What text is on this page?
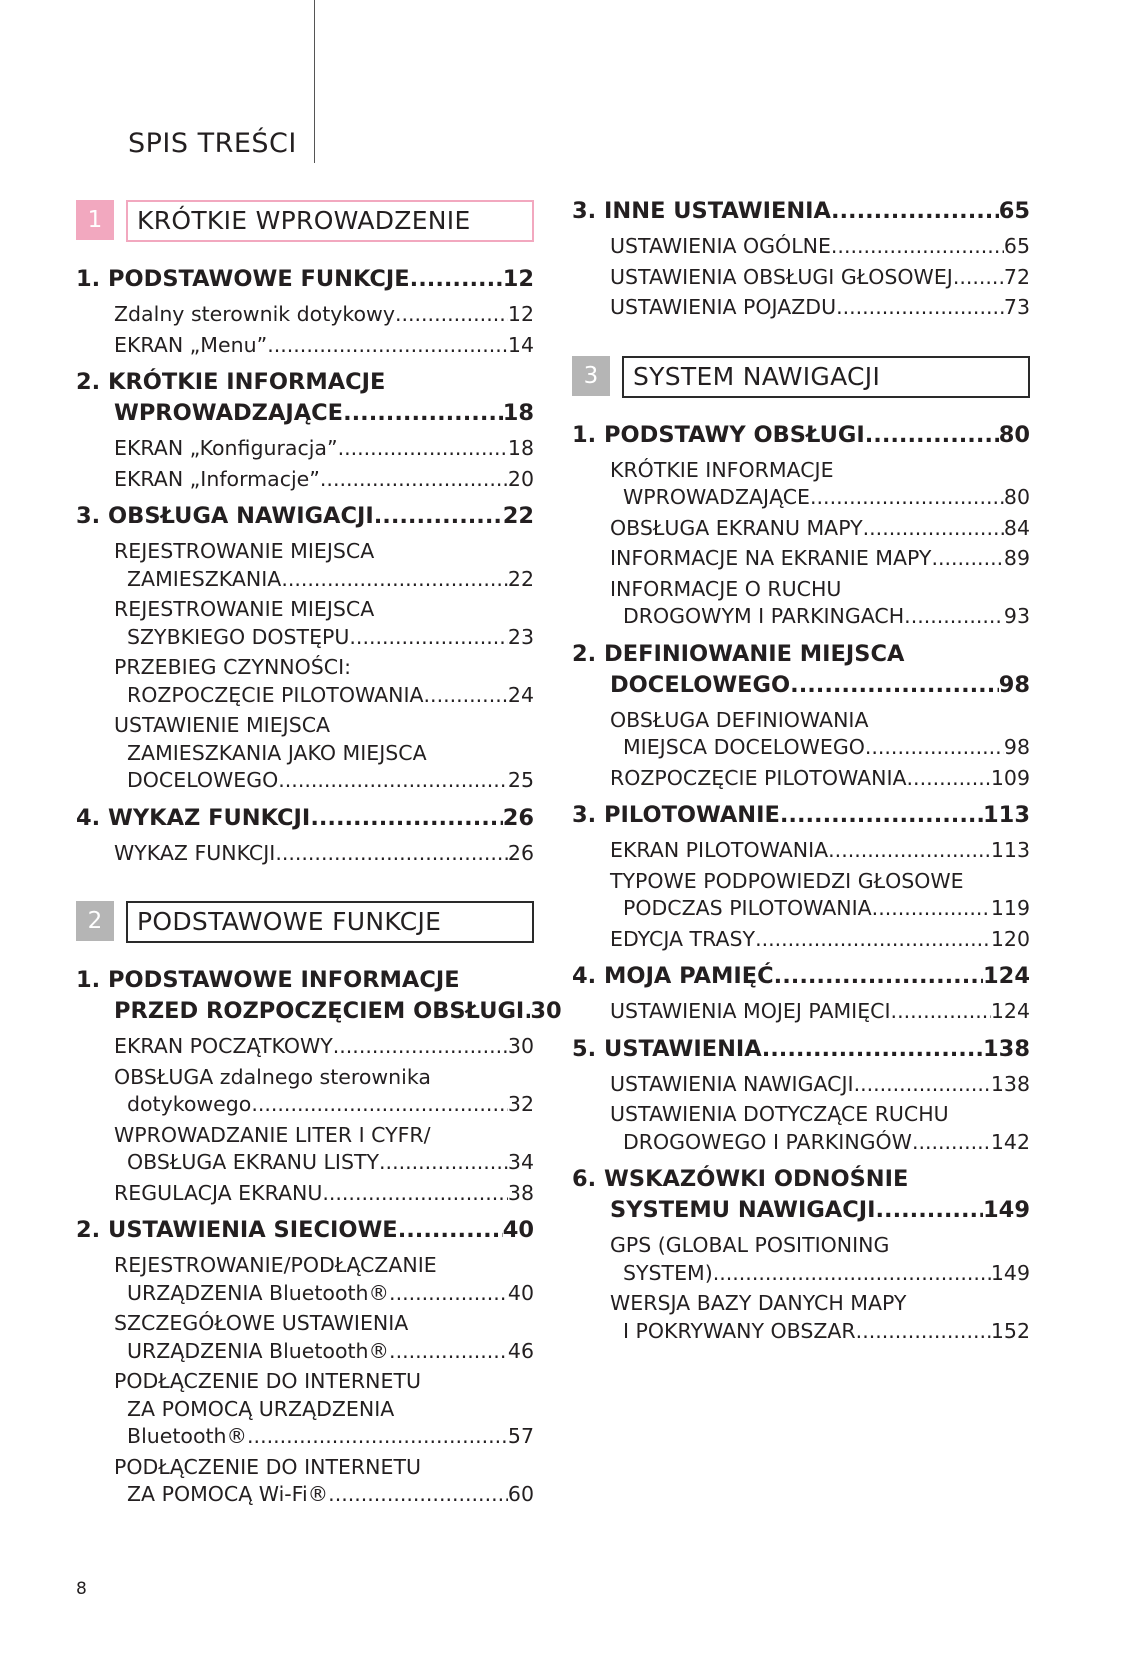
SPIS TREŚCI
1	KRÓTKIE WPROWADZENIE
1.
PODSTAWOWE FUNKCJE .....	12
Zdalny sterownik dotykowy .....	12
EKRAN „Menu” .....	14
2.
KRÓTKIE INFORMACJE
WPROWADZAJĄCE .....	18
EKRAN „Konfiguracja” .....	18
EKRAN „Informacje” .....	20
3.
OBSŁUGA NAWIGACJI .....	22
REJESTROWANIE MIEJSCA
ZAMIESZKANIA .....	22
REJESTROWANIE MIEJSCA
SZYBKIEGO DOSTĘPU .....	23
PRZEBIEG CZYNNOŚCI:
ROZPOCZĘCIE PILOTOWANIA .....	24
USTAWIENIE MIEJSCA
ZAMIESZKANIA JAKO MIEJSCA
DOCELOWEGO .....	25
4.
WYKAZ FUNKCJI .....	26
WYKAZ FUNKCJI .....	26
2	PODSTAWOWE FUNKCJE
1.
PODSTAWOWE INFORMACJE
PRZED ROZPOCZĘCIEM OBSŁUGI ..... 30
EKRAN POCZĄTKOWY .....	30
OBSŁUGA zdalnego sterownika
dotykowego .....	32
WPROWADZANIE LITER I CYFR/
OBSŁUGA EKRANU LISTY .....	34
REGULACJA EKRANU .....	38
2.
USTAWIENIA SIECIOWE .....	40
REJESTROWANIE/PODŁĄCZANIE
URZĄDZENIA Bluetooth® .....	40
SZCZEGÓŁOWE USTAWIENIA
URZĄDZENIA Bluetooth® .....	46
PODŁĄCZENIE DO INTERNETU
ZA POMOCĄ URZĄDZENIA
Bluetooth® .....	57
PODŁĄCZENIE DO INTERNETU
ZA POMOCĄ Wi-Fi® .....	60
3.
INNE USTAWIENIA .....	65
USTAWIENIA OGÓLNE .....	65
USTAWIENIA OBSŁUGI GŁOSOWEJ ..... 72
USTAWIENIA POJAZDU .....	73
3	SYSTEM NAWIGACJI
1.
PODSTAWY OBSŁUGI .....	80
KRÓTKIE INFORMACJE
WPROWADZAJĄCE .....	80
OBSŁUGA EKRANU MAPY .....	84
INFORMACJE NA EKRANIE MAPY .....	89
INFORMACJE O RUCHU
DROGOWYM I PARKINGACH .....	93
2.
DEFINIOWANIE MIEJSCA
DOCELOWEGO .....	98
OBSŁUGA DEFINIOWANIA
MIEJSCA DOCELOWEGO .....	98
ROZPOCZĘCIE PILOTOWANIA .....	109
3.
PILOTOWANIE .....	113
EKRAN PILOTOWANIA .....	113
TYPOWE PODPOWIEDZI GŁOSOWE
PODCZAS PILOTOWANIA .....	119
EDYCJA TRASY .....	120
4.
MOJA PAMIĘĆ .....	124
USTAWIENIA MOJEJ PAMIĘCI .....	124
5.
USTAWIENIA .....	138
USTAWIENIA NAWIGACJI .....	138
USTAWIENIA DOTYCZĄCE RUCHU
DROGOWEGO I PARKINGÓW .....	142
6.
WSKAZÓWKI ODNOŚNIE
SYSTEMU NAWIGACJI .....	149
GPS (GLOBAL POSITIONING
SYSTEM) .....	149
WERSJA BAZY DANYCH MAPY
I POKRYWANY OBSZAR .....	152
8
